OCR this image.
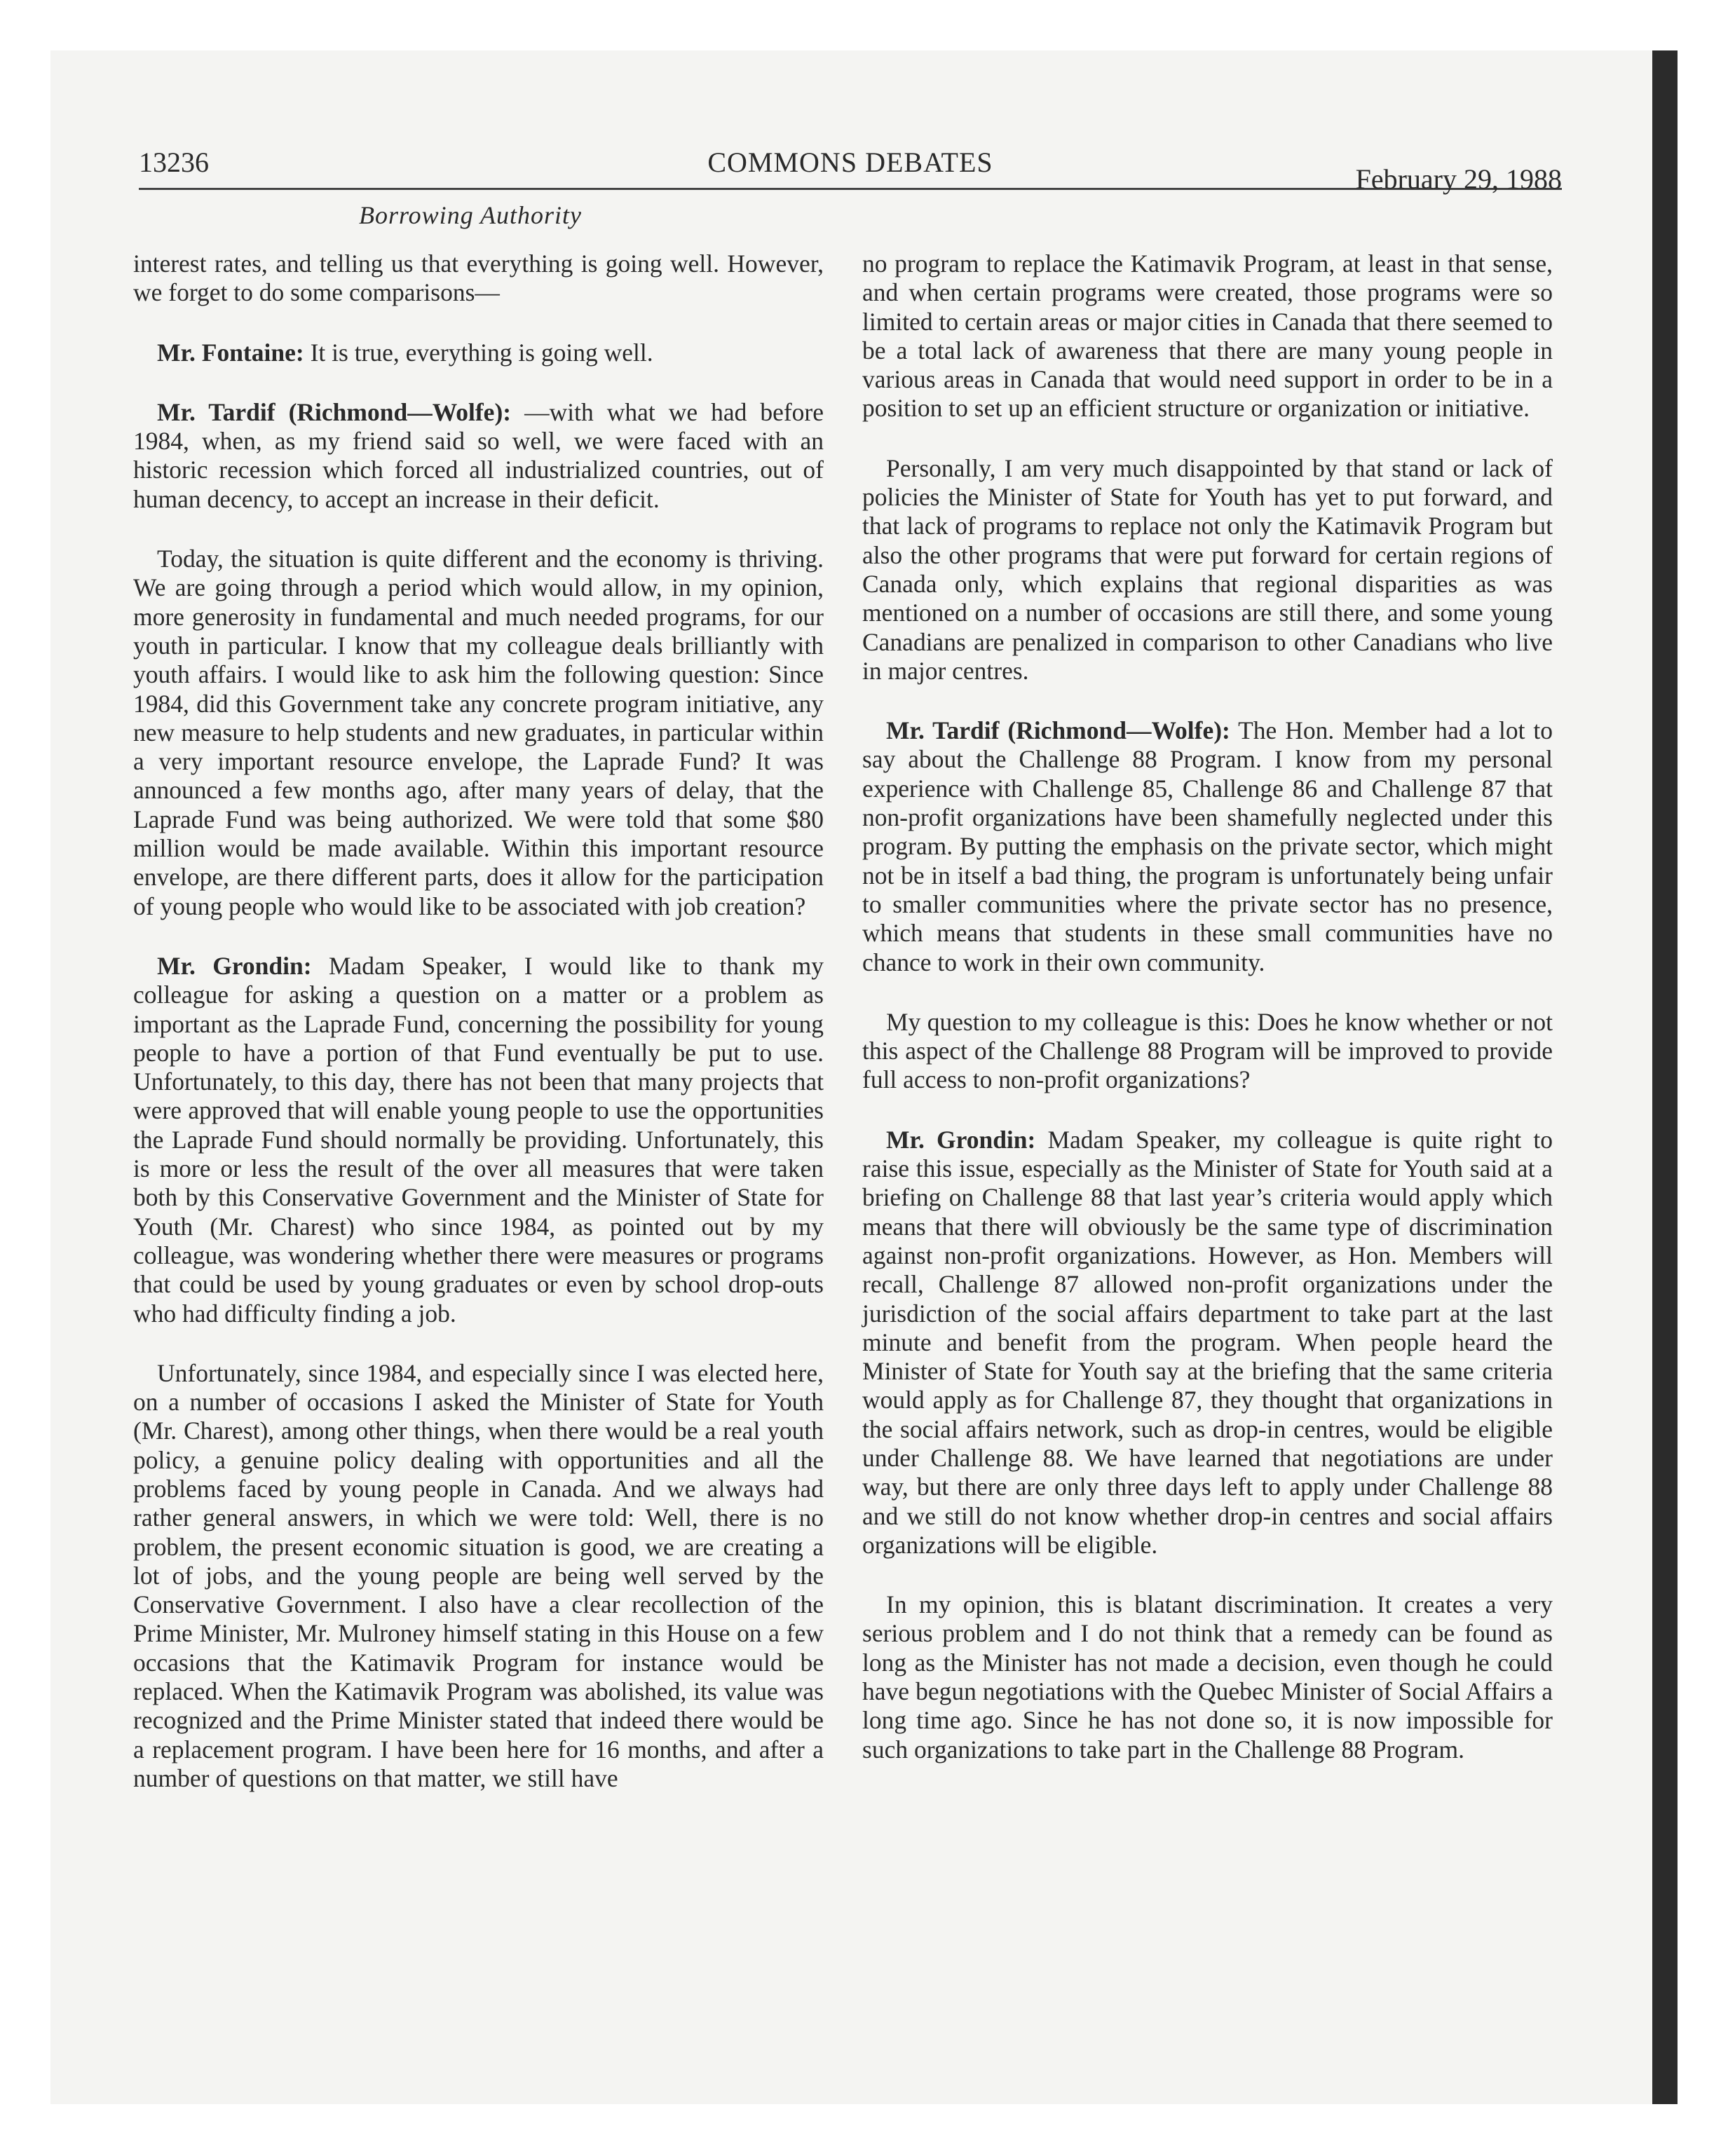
13236	COMMONS DEBATES
February 29, 1988
Borrowing Authority

interest rates, and telling us that everything is going well. However, we forget to do some comparisons—

Mr. Fontaine: It is true, everything is going well.

Mr. Tardif (Richmond—Wolfe): —with what we had before 1984, when, as my friend said so well, we were faced with an historic recession which forced all industrialized countries, out of human decency, to accept an increase in their deficit.

Today, the situation is quite different and the economy is thriving. We are going through a period which would allow, in my opinion, more generosity in fundamental and much needed programs, for our youth in particular. I know that my colleague deals brilliantly with youth affairs. I would like to ask him the following question: Since 1984, did this Government take any concrete program initiative, any new measure to help students and new graduates, in particular within a very important resource envelope, the Laprade Fund? It was announced a few months ago, after many years of delay, that the Laprade Fund was being authorized. We were told that some $80 million would be made available. Within this important resource envelope, are there different parts, does it allow for the participation of young people who would like to be associated with job creation?

Mr. Grondin: Madam Speaker, I would like to thank my colleague for asking a question on a matter or a problem as important as the Laprade Fund, concerning the possibility for young people to have a portion of that Fund eventually be put to use. Unfortunately, to this day, there has not been that many projects that were approved that will enable young people to use the opportunities the Laprade Fund should normally be providing. Unfortunately, this is more or less the result of the over all measures that were taken both by this Conservative Government and the Minister of State for Youth (Mr. Charest) who since 1984, as pointed out by my colleague, was wondering whether there were measures or programs that could be used by young graduates or even by school drop-outs who had difficulty finding a job.

Unfortunately, since 1984, and especially since I was elected here, on a number of occasions I asked the Minister of State for Youth (Mr. Charest), among other things, when there would be a real youth policy, a genuine policy dealing with opportunities and all the problems faced by young people in Canada. And we always had rather general answers, in which we were told: Well, there is no problem, the present economic situation is good, we are creating a lot of jobs, and the young people are being well served by the Conservative Government. I also have a clear recollection of the Prime Minister, Mr. Mulroney himself stating in this House on a few occasions that the Katimavik Program for instance would be replaced. When the Katimavik Program was abolished, its value was recognized and the Prime Minister stated that indeed there would be a replacement program. I have been here for 16 months, and after a number of questions on that matter, we still have

no program to replace the Katimavik Program, at least in that sense, and when certain programs were created, those programs were so limited to certain areas or major cities in Canada that there seemed to be a total lack of awareness that there are many young people in various areas in Canada that would need support in order to be in a position to set up an efficient structure or organization or initiative.

Personally, I am very much disappointed by that stand or lack of policies the Minister of State for Youth has yet to put forward, and that lack of programs to replace not only the Katimavik Program but also the other programs that were put forward for certain regions of Canada only, which explains that regional disparities as was mentioned on a number of occasions are still there, and some young Canadians are penalized in comparison to other Canadians who live in major centres.

Mr. Tardif (Richmond—Wolfe): The Hon. Member had a lot to say about the Challenge 88 Program. I know from my personal experience with Challenge 85, Challenge 86 and Challenge 87 that non-profit organizations have been shamefully neglected under this program. By putting the emphasis on the private sector, which might not be in itself a bad thing, the program is unfortunately being unfair to smaller communities where the private sector has no presence, which means that students in these small communities have no chance to work in their own community.

My question to my colleague is this: Does he know whether or not this aspect of the Challenge 88 Program will be improved to provide full access to non-profit organizations?

Mr. Grondin: Madam Speaker, my colleague is quite right to raise this issue, especially as the Minister of State for Youth said at a briefing on Challenge 88 that last year’s criteria would apply which means that there will obviously be the same type of discrimination against non-profit organizations. However, as Hon. Members will recall, Challenge 87 allowed non-profit organizations under the jurisdiction of the social affairs department to take part at the last minute and benefit from the program. When people heard the Minister of State for Youth say at the briefing that the same criteria would apply as for Challenge 87, they thought that organizations in the social affairs network, such as drop-in centres, would be eligible under Challenge 88. We have learned that negotiations are under way, but there are only three days left to apply under Challenge 88 and we still do not know whether drop-in centres and social affairs organizations will be eligible.

In my opinion, this is blatant discrimination. It creates a very serious problem and I do not think that a remedy can be found as long as the Minister has not made a decision, even though he could have begun negotiations with the Quebec Minister of Social Affairs a long time ago. Since he has not done so, it is now impossible for such organizations to take part in the Challenge 88 Program.
